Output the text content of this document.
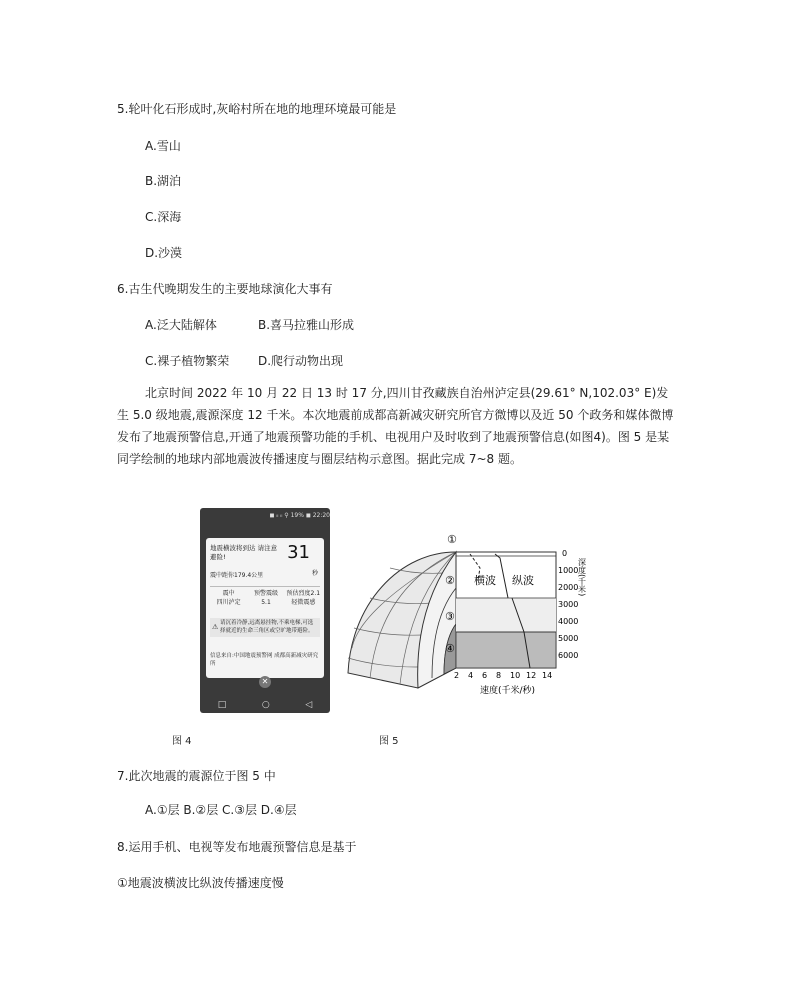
5.轮叶化石形成时,灰峪村所在地的地理环境最可能是
A.雪山
B.湖泊
C.深海
D.沙漠
6.古生代晚期发生的主要地球演化大事有
A.泛大陆解体	B.喜马拉雅山形成
C.裸子植物繁荣 D.爬行动物出现
北京时间 2022 年 10 月 22 日 13 时 17 分,四川甘孜藏族自治州泸定县(29.61° N,102.03° E)发生 5.0 级地震,震源深度 12 千米。本次地震前成都高新减灾研究所官方微博以及近 50 个政务和媒体微博发布了地震预警信息,开通了地震预警功能的手机、电视用户及时收到了地震预警信息(如图4)。图 5 是某同学绘制的地球内部地震波传播速度与圈层结构示意图。据此完成 7~8 题。
◼ ᵢₗ ᵢₗ ⚲ 19% ◼ 22:20
地震横波将到达 请注意避险!	31
秒
震中距你179.4公里
震中	预警震级	预估烈度2.1
四川泸定	5.1	轻微震感
⚠ 请沉着冷静,远离悬挂物,不乘电梯,可选择就近的生命三角区或空旷地带避险。
信息来自:中国地震预警网 成都高新减灾研究所
✕
□	○	◁
①
②
③
④
横波 纵波
0
1000
2000
3000
4000
5000
6000
深度(千米)
2 4 6 8 10 12 14
速度(千米/秒)
图 4	图 5
7.此次地震的震源位于图 5 中
A.①层 B.②层 C.③层 D.④层
8.运用手机、电视等发布地震预警信息是基于
①地震波横波比纵波传播速度慢
